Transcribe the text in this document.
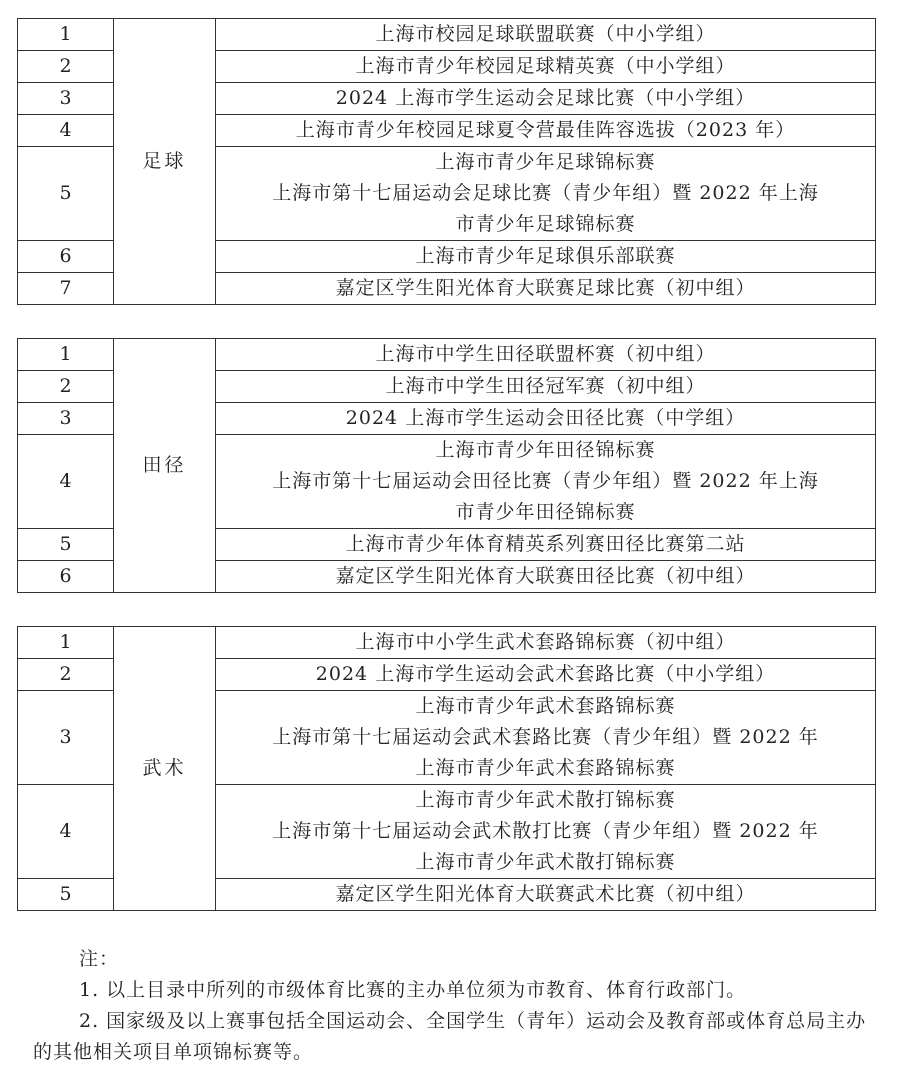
1	足球	上海市校园足球联盟联赛（中小学组）

2		上海市青少年校园足球精英赛（中小学组）

3		2024 上海市学生运动会足球比赛（中小学组）

4		上海市青少年校园足球夏令营最佳阵容选拔（2023 年）

5		上海市青少年足球锦标赛
上海市第十七届运动会足球比赛（青少年组）暨 2022 年上海
市青少年足球锦标赛

6		上海市青少年足球俱乐部联赛

7		嘉定区学生阳光体育大联赛足球比赛（初中组）
1	田径	上海市中学生田径联盟杯赛（初中组）

2		上海市中学生田径冠军赛（初中组）

3		2024 上海市学生运动会田径比赛（中学组）

4		上海市青少年田径锦标赛
上海市第十七届运动会田径比赛（青少年组）暨 2022 年上海
市青少年田径锦标赛

5		上海市青少年体育精英系列赛田径比赛第二站

6		嘉定区学生阳光体育大联赛田径比赛（初中组）
1	武术	上海市中小学生武术套路锦标赛（初中组）

2		2024 上海市学生运动会武术套路比赛（中小学组）

3		上海市青少年武术套路锦标赛
上海市第十七届运动会武术套路比赛（青少年组）暨 2022 年
上海市青少年武术套路锦标赛

4		上海市青少年武术散打锦标赛
上海市第十七届运动会武术散打比赛（青少年组）暨 2022 年
上海市青少年武术散打锦标赛

5		嘉定区学生阳光体育大联赛武术比赛（初中组）
注：
1. 以上目录中所列的市级体育比赛的主办单位须为市教育、体育行政部门。
2. 国家级及以上赛事包括全国运动会、全国学生（青年）运动会及教育部或体育总局主办的其他相关项目单项锦标赛等。
